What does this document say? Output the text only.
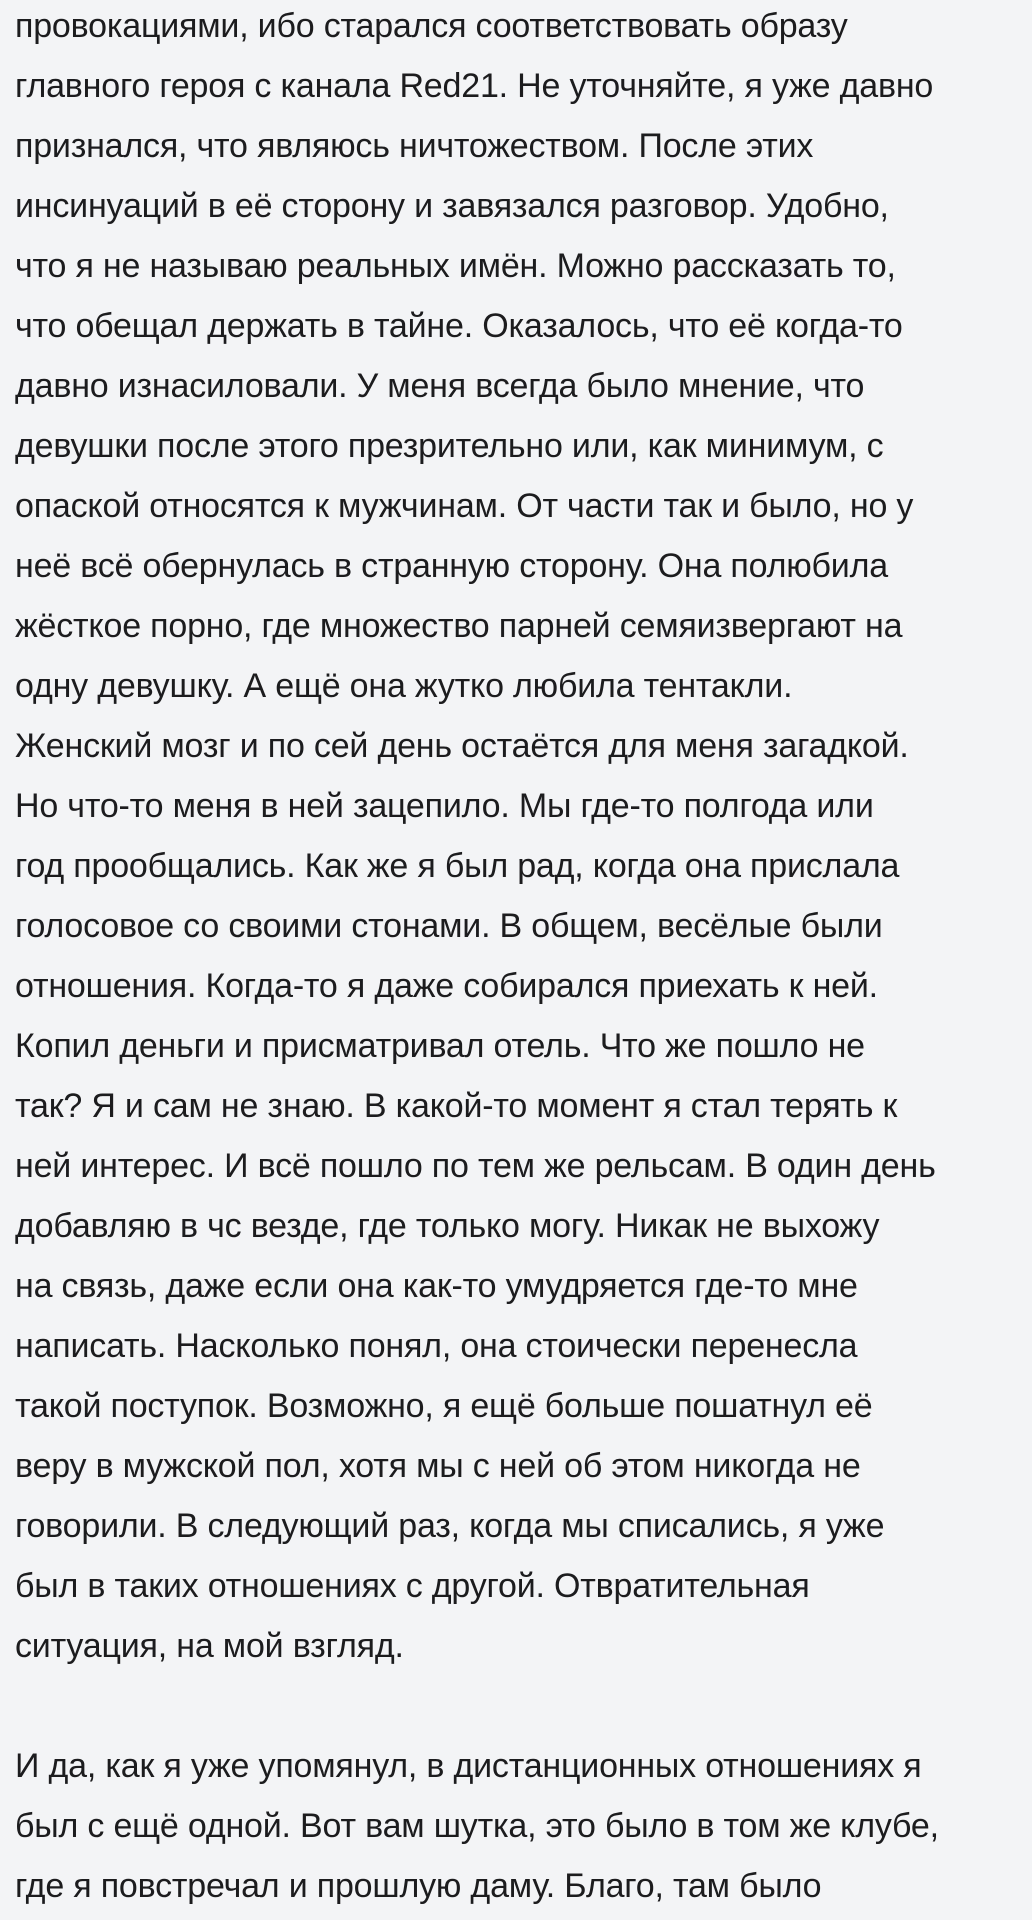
провокациями, ибо старался соответствовать образу
главного героя с канала Red21. Не уточняйте, я уже давно
признался, что являюсь ничтожеством. После этих
инсинуаций в её сторону и завязался разговор. Удобно,
что я не называю реальных имён. Можно рассказать то,
что обещал держать в тайне. Оказалось, что её когда-то
давно изнасиловали. У меня всегда было мнение, что
девушки после этого презрительно или, как минимум, с
опаской относятся к мужчинам. От части так и было, но у
неё всё обернулась в странную сторону. Она полюбила
жёсткое порно, где множество парней семяизвергают на
одну девушку. А ещё она жутко любила тентакли.
Женский мозг и по сей день остаётся для меня загадкой.
Но что-то меня в ней зацепило. Мы где-то полгода или
год прообщались. Как же я был рад, когда она прислала
голосовое со своими стонами. В общем, весёлые были
отношения. Когда-то я даже собирался приехать к ней.
Копил деньги и присматривал отель. Что же пошло не
так? Я и сам не знаю. В какой-то момент я стал терять к
ней интерес. И всё пошло по тем же рельсам. В один день
добавляю в чс везде, где только могу. Никак не выхожу
на связь, даже если она как-то умудряется где-то мне
написать. Насколько понял, она стоически перенесла
такой поступок. Возможно, я ещё больше пошатнул её
веру в мужской пол, хотя мы с ней об этом никогда не
говорили. В следующий раз, когда мы списались, я уже
был в таких отношениях с другой. Отвратительная
ситуация, на мой взгляд.
И да, как я уже упомянул, в дистанционных отношениях я
был с ещё одной. Вот вам шутка, это было в том же клубе,
где я повстречал и прошлую даму. Благо, там было
